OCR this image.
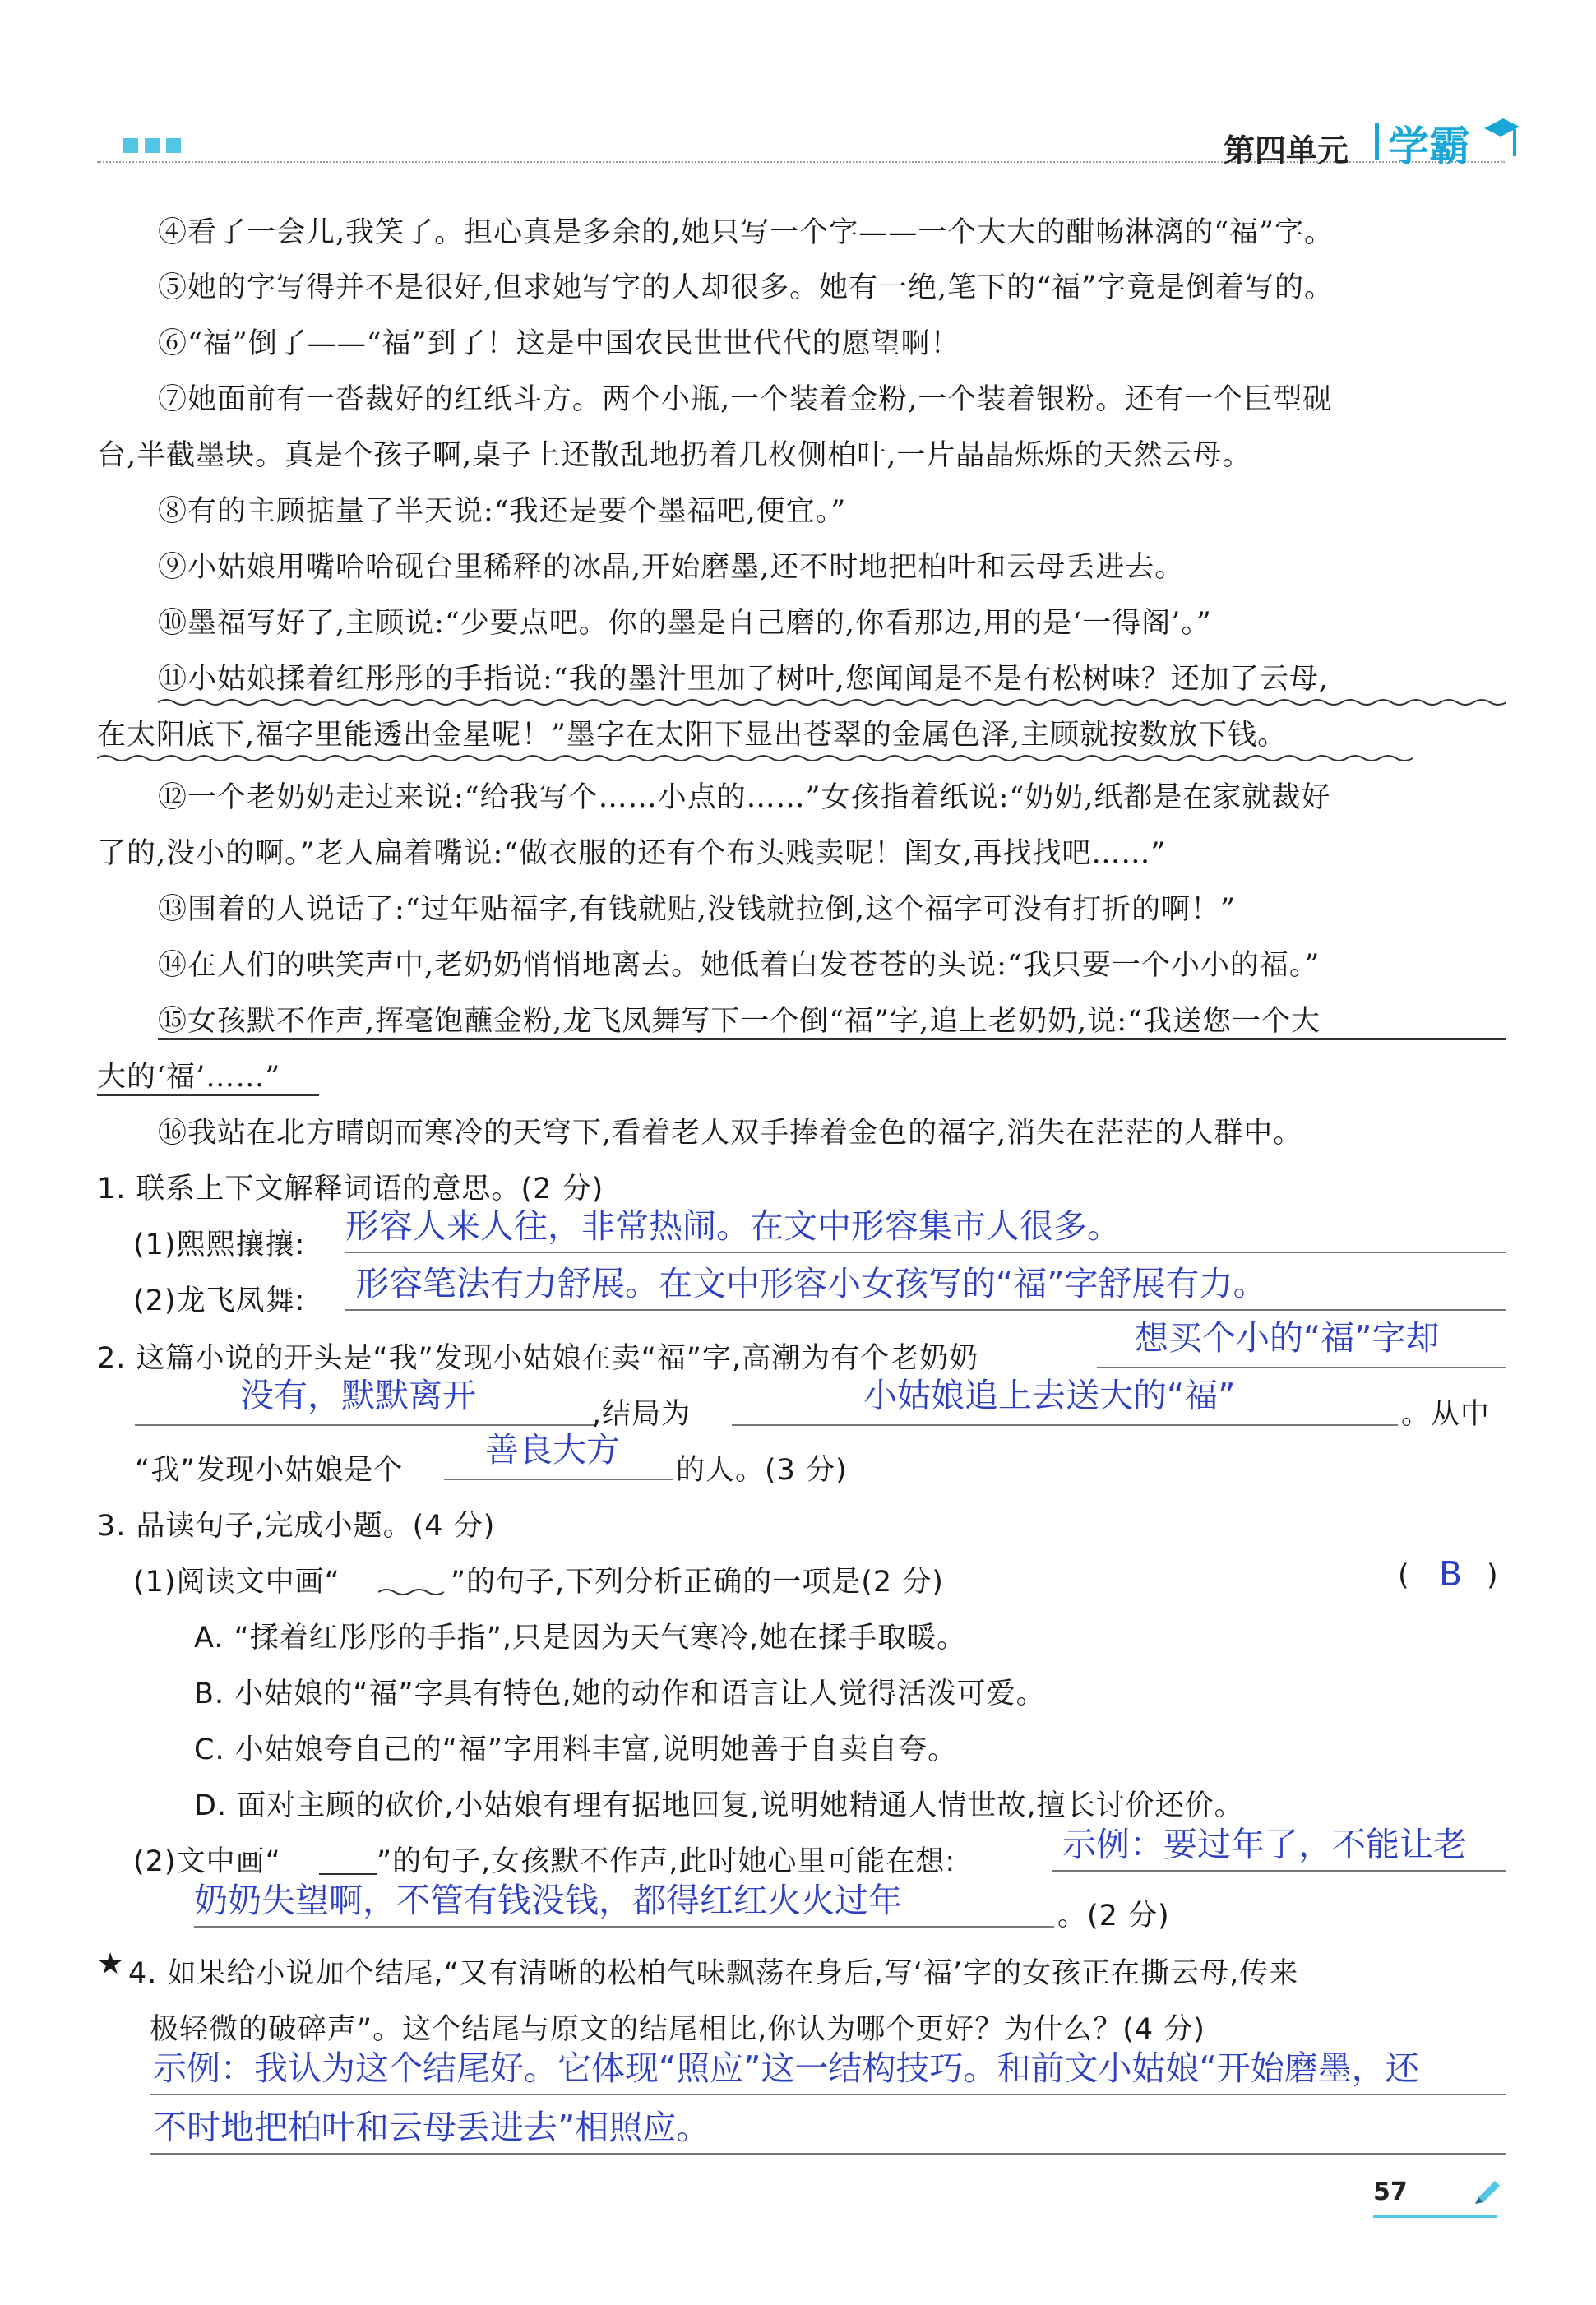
第四单元 学霸
④看了一会儿,我笑了。担心真是多余的,她只写一个字——一个大大的酣畅淋漓的“福”字。
⑤她的字写得并不是很好,但求她写字的人却很多。她有一绝,笔下的“福”字竟是倒着写的。
⑥“福”倒了——“福”到了！这是中国农民世世代代的愿望啊！
⑦她面前有一沓裁好的红纸斗方。两个小瓶,一个装着金粉,一个装着银粉。还有一个巨型砚
台,半截墨块。真是个孩子啊,桌子上还散乱地扔着几枚侧柏叶,一片晶晶烁烁的天然云母。
⑧有的主顾掂量了半天说:“我还是要个墨福吧,便宜。”
⑨小姑娘用嘴哈哈砚台里稀释的冰晶,开始磨墨,还不时地把柏叶和云母丢进去。
⑩墨福写好了,主顾说:“少要点吧。你的墨是自己磨的,你看那边,用的是‘一得阁’。”
⑪小姑娘揉着红彤彤的手指说:“我的墨汁里加了树叶,您闻闻是不是有松树味？还加了云母,
在太阳底下,福字里能透出金星呢！”墨字在太阳下显出苍翠的金属色泽,主顾就按数放下钱。
⑫一个老奶奶走过来说:“给我写个……小点的……”女孩指着纸说:“奶奶,纸都是在家就裁好
了的,没小的啊。”老人扁着嘴说:“做衣服的还有个布头贱卖呢！闺女,再找找吧……”
⑬围着的人说话了:“过年贴福字,有钱就贴,没钱就拉倒,这个福字可没有打折的啊！”
⑭在人们的哄笑声中,老奶奶悄悄地离去。她低着白发苍苍的头说:“我只要一个小小的福。”
⑮女孩默不作声,挥毫饱蘸金粉,龙飞凤舞写下一个倒“福”字,追上老奶奶,说:“我送您一个大
大的‘福’……”
⑯我站在北方晴朗而寒冷的天穹下,看着老人双手捧着金色的福字,消失在茫茫的人群中。
1. 联系上下文解释词语的意思。(2 分)
(1)熙熙攘攘: 形容人来人往，非常热闹。在文中形容集市人很多。
(2)龙飞凤舞: 形容笔法有力舒展。在文中形容小女孩写的“福”字舒展有力。
2. 这篇小说的开头是“我”发现小姑娘在卖“福”字,高潮为有个老奶奶
想买个小的“福”字却
没有，默默离开	,结局为	小姑娘追上去送大的“福”	。从中
“我”发现小姑娘是个
善良大方
的人。(3 分)
3. 品读句子,完成小题。(4 分)
(1)阅读文中画“	”的句子,下列分析正确的一项是(2 分)	( B )
A. “揉着红彤彤的手指”,只是因为天气寒冷,她在揉手取暖。
B. 小姑娘的“福”字具有特色,她的动作和语言让人觉得活泼可爱。
C. 小姑娘夸自己的“福”字用料丰富,说明她善于自卖自夸。
D. 面对主顾的砍价,小姑娘有理有据地回复,说明她精通人情世故,擅长讨价还价。
(2)文中画“	”的句子,女孩默不作声,此时她心里可能在想:	示例：要过年了，不能让老
奶奶失望啊，不管有钱没钱，都得红红火火过年	。(2 分)
★ 4. 如果给小说加个结尾,“又有清晰的松柏气味飘荡在身后,写‘福’字的女孩正在撕云母,传来
极轻微的破碎声”。这个结尾与原文的结尾相比,你认为哪个更好？为什么？(4 分)
示例：我认为这个结尾好。它体现“照应”这一结构技巧。和前文小姑娘“开始磨墨，还
不时地把柏叶和云母丢进去”相照应。
57
